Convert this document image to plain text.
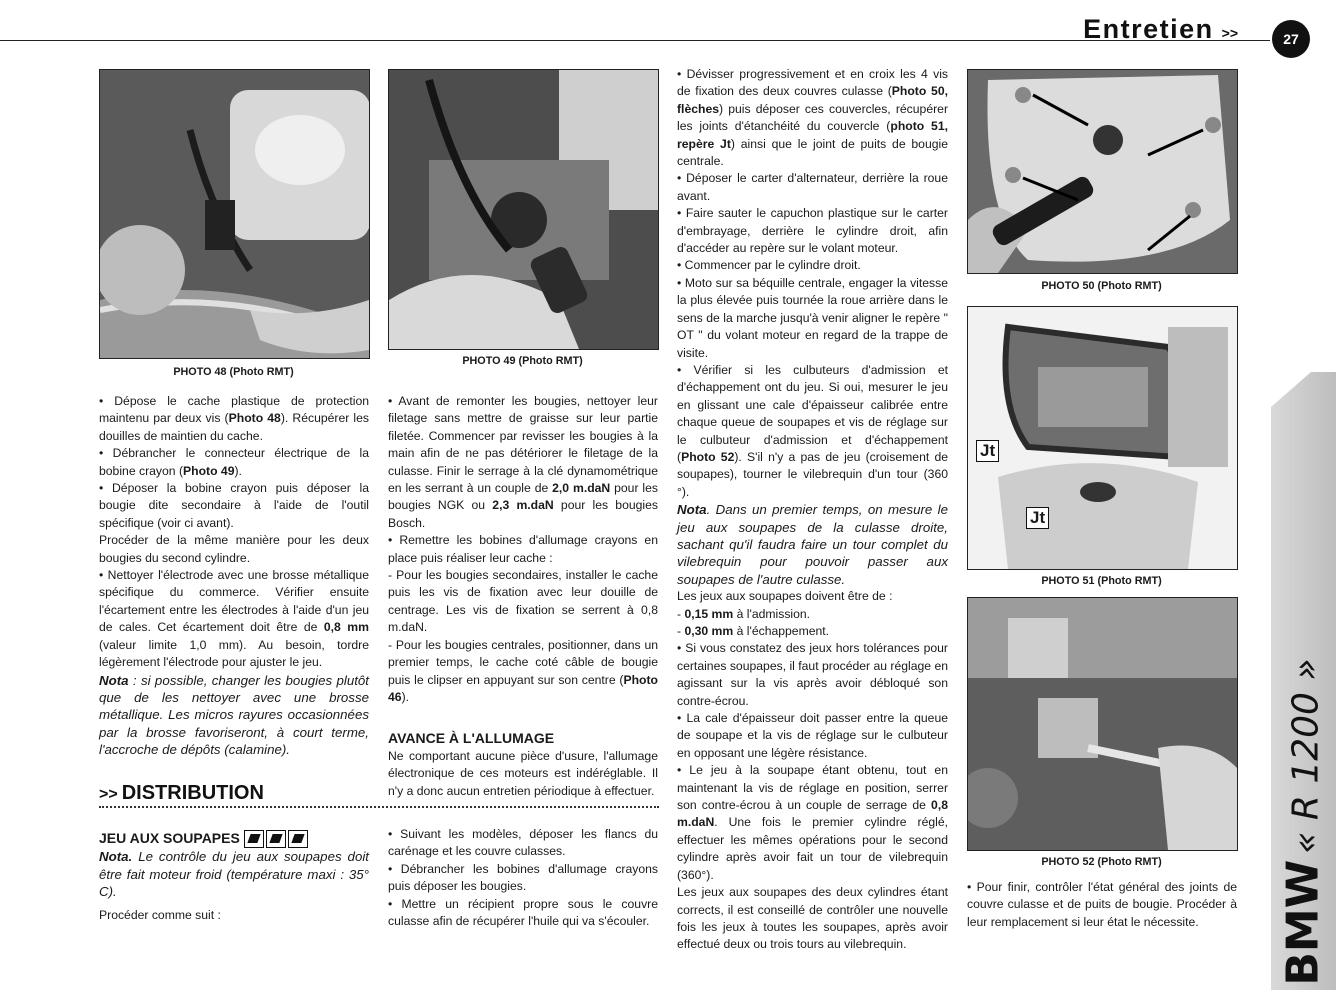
Entretien >>	27
BMW« R 1200 »
PHOTO 48 (Photo RMT)
PHOTO 49 (Photo RMT)
PHOTO 50 (Photo RMT)
Jt
Jt
PHOTO 51 (Photo RMT)
PHOTO 52 (Photo RMT)

• Dépose le cache plastique de protection maintenu par deux vis (Photo 48). Récupérer les douilles de maintien du cache.

• Débrancher le connecteur électrique de la bobine crayon (Photo 49).

• Déposer la bobine crayon puis déposer la bougie dite secondaire à l'aide de l'outil spécifique (voir ci avant).

Procéder de la même manière pour les deux bougies du second cylindre.

• Nettoyer l'électrode avec une brosse métallique spécifique du commerce. Vérifier ensuite l'écartement entre les électrodes à l'aide d'un jeu de cales. Cet écartement doit être de 0,8 mm (valeur limite 1,0 mm). Au besoin, tordre légèrement l'électrode pour ajuster le jeu.

Nota : si possible, changer les bougies plutôt que de les nettoyer avec une brosse métallique. Les micros rayures occasionnées par la brosse favoriseront, à court terme, l'accroche de dépôts (calamine).

• Avant de remonter les bougies, nettoyer leur filetage sans mettre de graisse sur leur partie filetée. Commencer par revisser les bougies à la main afin de ne pas détériorer le filetage de la culasse. Finir le serrage à la clé dynamométrique en les serrant à un couple de 2,0 m.daN pour les bougies NGK ou 2,3 m.daN pour les bougies Bosch.

• Remettre les bobines d'allumage crayons en place puis réaliser leur cache :

- Pour les bougies secondaires, installer le cache puis les vis de fixation avec leur douille de centrage. Les vis de fixation se serrent à 0,8 m.daN.

- Pour les bougies centrales, positionner, dans un premier temps, le cache coté câble de bougie puis le clipser en appuyant sur son centre (Photo 46).

AVANCE À L'ALLUMAGE

Ne comportant aucune pièce d'usure, l'allumage électronique de ces moteurs est indéréglable. Il n'y a donc aucun entretien périodique à effectuer.

>> DISTRIBUTION

JEU AUX SOUPAPES

Nota. Le contrôle du jeu aux soupapes doit être fait moteur froid (température maxi : 35° C).

Procéder comme suit :

• Suivant les modèles, déposer les flancs du carénage et les couvre culasses.

• Débrancher les bobines d'allumage crayons puis déposer les bougies.

• Mettre un récipient propre sous le couvre culasse afin de récupérer l'huile qui va s'écouler.

• Dévisser progressivement et en croix les 4 vis de fixation des deux couvres culasse (Photo 50, flèches) puis déposer ces couvercles, récupérer les joints d'étanchéité du couvercle (photo 51, repère Jt) ainsi que le joint de puits de bougie centrale.

• Déposer le carter d'alternateur, derrière la roue avant.

• Faire sauter le capuchon plastique sur le carter d'embrayage, derrière le cylindre droit, afin d'accéder au repère sur le volant moteur.

• Commencer par le cylindre droit.

• Moto sur sa béquille centrale, engager la vitesse la plus élevée puis tournée la roue arrière dans le sens de la marche jusqu'à venir aligner le repère " OT " du volant moteur en regard de la trappe de visite.

• Vérifier si les culbuteurs d'admission et d'échappement ont du jeu. Si oui, mesurer le jeu en glissant une cale d'épaisseur calibrée entre chaque queue de soupapes et vis de réglage sur le culbuteur d'admission et d'échappement (Photo 52). S'il n'y a pas de jeu (croisement de soupapes), tourner le vilebrequin d'un tour (360 °).

Nota. Dans un premier temps, on mesure le jeu aux soupapes de la culasse droite, sachant qu'il faudra faire un tour complet du vilebrequin pour pouvoir passer aux soupapes de l'autre culasse.

Les jeux aux soupapes doivent être de :

- 0,15 mm à l'admission.

- 0,30 mm à l'échappement.

• Si vous constatez des jeux hors tolérances pour certaines soupapes, il faut procéder au réglage en agissant sur la vis après avoir débloqué son contre-écrou.

• La cale d'épaisseur doit passer entre la queue de soupape et la vis de réglage sur le culbuteur en opposant une légère résistance.

• Le jeu à la soupape étant obtenu, tout en maintenant la vis de réglage en position, serrer son contre-écrou à un couple de serrage de 0,8 m.daN. Une fois le premier cylindre réglé, effectuer les mêmes opérations pour le second cylindre après avoir fait un tour de vilebrequin (360°).

Les jeux aux soupapes des deux cylindres étant corrects, il est conseillé de contrôler une nouvelle fois les jeux à toutes les soupapes, après avoir effectué deux ou trois tours au vilebrequin.

• Pour finir, contrôler l'état général des joints de couvre culasse et de puits de bougie. Procéder à leur remplacement si leur état le nécessite.
